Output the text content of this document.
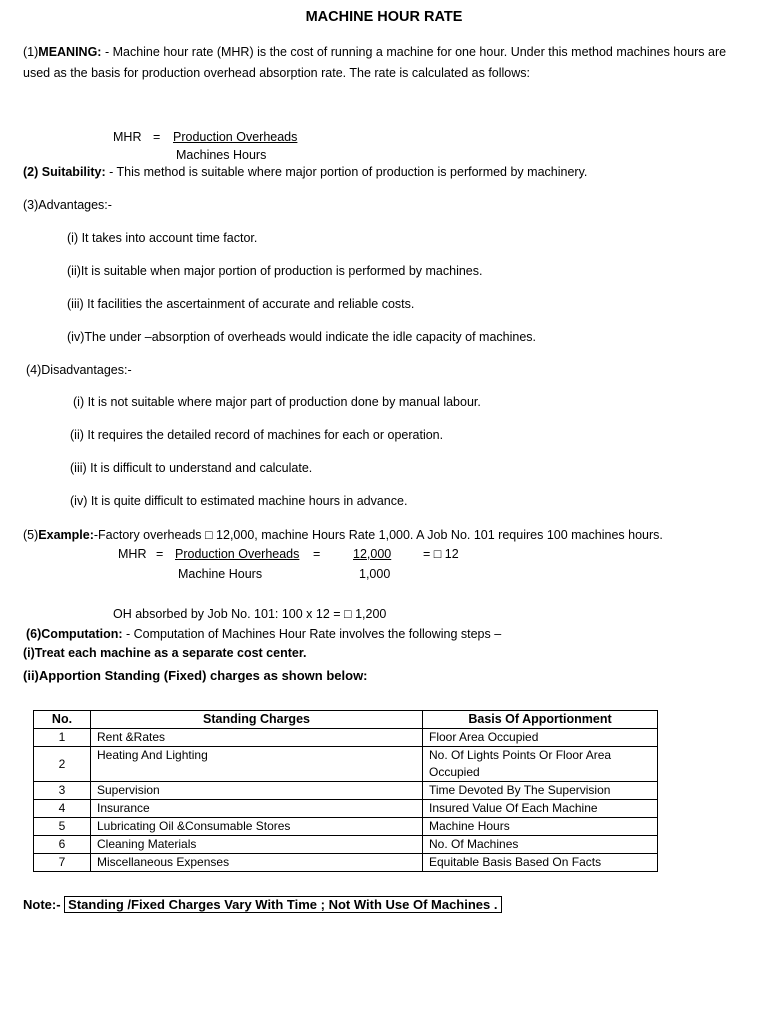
MACHINE HOUR RATE
(1)MEANING: - Machine hour rate (MHR) is the cost of running a machine for one hour. Under this method machines hours are used as the basis for production overhead absorption rate. The rate is calculated as follows:
MHR = Production Overheads
Machines Hours
(2) Suitability: - This method is suitable where major portion of production is performed by machinery.
(3)Advantages:-
(i) It takes into account time factor.
(ii)It is suitable when major portion of production is performed by machines.
(iii) It facilities the ascertainment of accurate and reliable costs.
(iv)The under –absorption of overheads would indicate the idle capacity of machines.
(4)Disadvantages:-
(i) It is not suitable where major part of production done by manual labour.
(ii) It requires the detailed record of machines for each or operation.
(iii) It is difficult to understand and calculate.
(iv) It is quite difficult to estimated machine hours in advance.
(5)Example:-Factory overheads □ 12,000, machine Hours Rate 1,000. A Job No. 101 requires 100 machines hours.
MHR = Production Overheads =	12,000	= □ 12
Machine Hours	1,000
OH absorbed by Job No. 101: 100 x 12 = □ 1,200
(6)Computation: - Computation of Machines Hour Rate involves the following steps –
(i)Treat each machine as a separate cost center.
(ii)Apportion Standing (Fixed) charges as shown below:
No.	Standing Charges	Basis Of Apportionment
1	Rent &Rates	Floor Area Occupied
2	Heating And Lighting	No. Of Lights Points Or Floor Area Occupied
3	Supervision	Time Devoted By The Supervision
4	Insurance	Insured Value Of Each Machine
5	Lubricating Oil &Consumable Stores	Machine Hours
6	Cleaning Materials	No. Of Machines
7	Miscellaneous Expenses	Equitable Basis Based On Facts
Note:- Standing /Fixed Charges Vary With Time ; Not With Use Of Machines .
